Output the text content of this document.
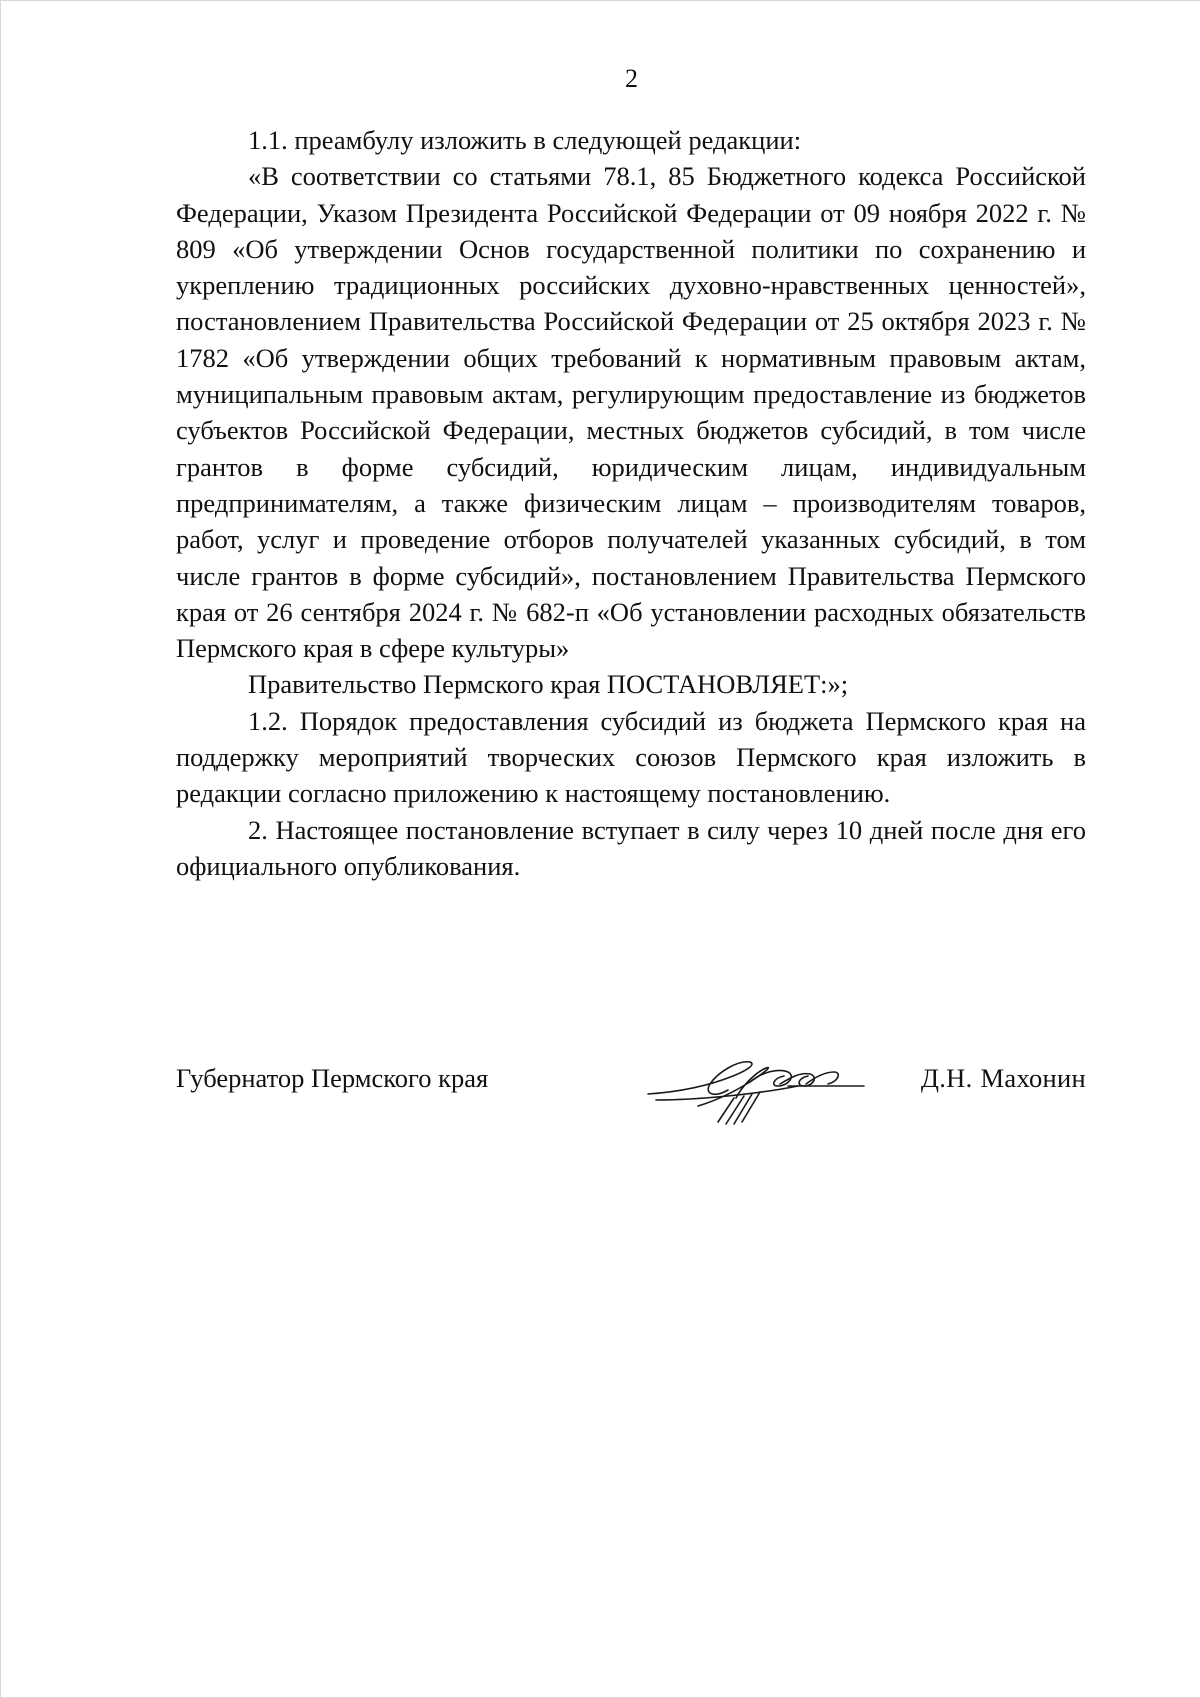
2

1.1. преамбулу изложить в следующей редакции:

«В соответствии со статьями 78.1, 85 Бюджетного кодекса Российской Федерации, Указом Президента Российской Федерации от 09 ноября 2022 г. № 809 «Об утверждении Основ государственной политики по сохранению и укреплению традиционных российских духовно-нравственных ценностей», постановлением Правительства Российской Федерации от 25 октября 2023 г. № 1782 «Об утверждении общих требований к нормативным правовым актам, муниципальным правовым актам, регулирующим предоставление из бюджетов субъектов Российской Федерации, местных бюджетов субсидий, в том числе грантов в форме субсидий, юридическим лицам, индивидуальным предпринимателям, а также физическим лицам – производителям товаров, работ, услуг и проведение отборов получателей указанных субсидий, в том числе грантов в форме субсидий», постановлением Правительства Пермского края от 26 сентября 2024 г. № 682-п «Об установлении расходных обязательств Пермского края в сфере культуры»

Правительство Пермского края ПОСТАНОВЛЯЕТ:»;

1.2. Порядок предоставления субсидий из бюджета Пермского края на поддержку мероприятий творческих союзов Пермского края изложить в редакции согласно приложению к настоящему постановлению.

2. Настоящее постановление вступает в силу через 10 дней после дня его официального опубликования.

Губернатор Пермского края	Д.Н. Махонин
